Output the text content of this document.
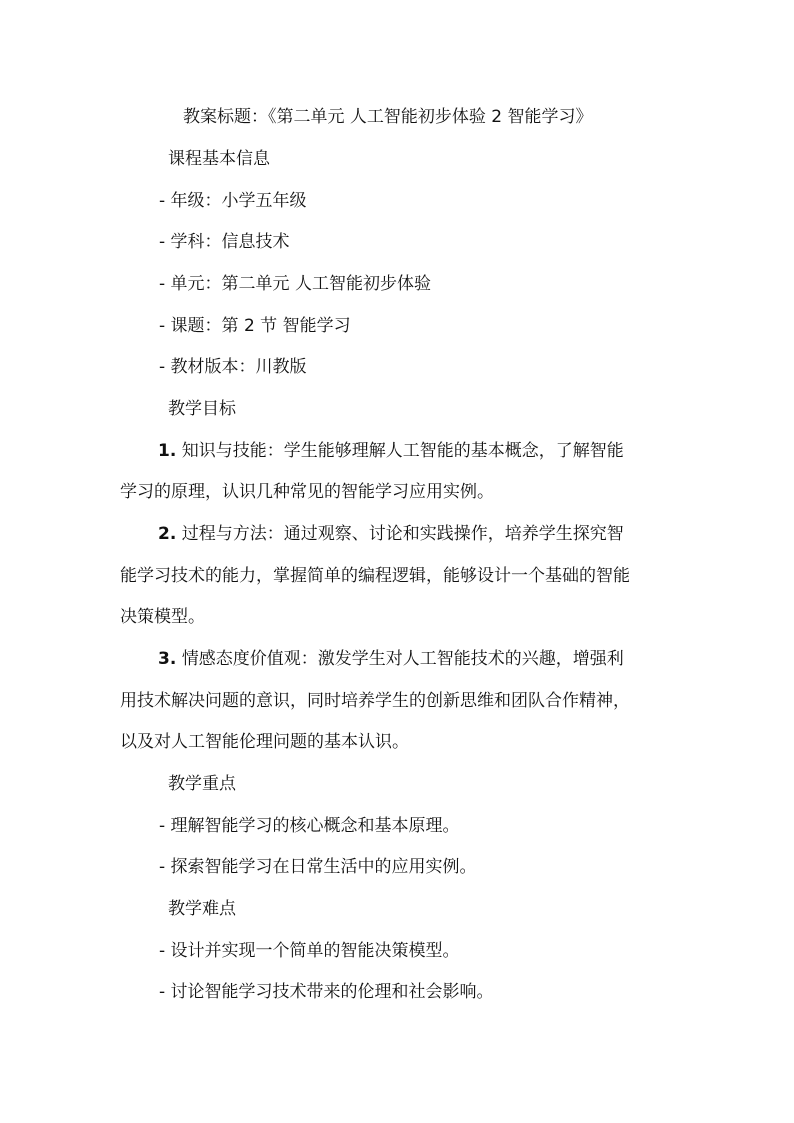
教案标题：《第二单元 人工智能初步体验 2 智能学习》
课程基本信息
- 年级：小学五年级
- 学科：信息技术
- 单元：第二单元 人工智能初步体验
- 课题：第 2 节 智能学习
- 教材版本：川教版
教学目标
1. 知识与技能：学生能够理解人工智能的基本概念，了解智能
学习的原理，认识几种常见的智能学习应用实例。
2. 过程与方法：通过观察、讨论和实践操作，培养学生探究智
能学习技术的能力，掌握简单的编程逻辑，能够设计一个基础的智能
决策模型。
3. 情感态度价值观：激发学生对人工智能技术的兴趣，增强利
用技术解决问题的意识，同时培养学生的创新思维和团队合作精神，
以及对人工智能伦理问题的基本认识。
教学重点
- 理解智能学习的核心概念和基本原理。
- 探索智能学习在日常生活中的应用实例。
教学难点
- 设计并实现一个简单的智能决策模型。
- 讨论智能学习技术带来的伦理和社会影响。
